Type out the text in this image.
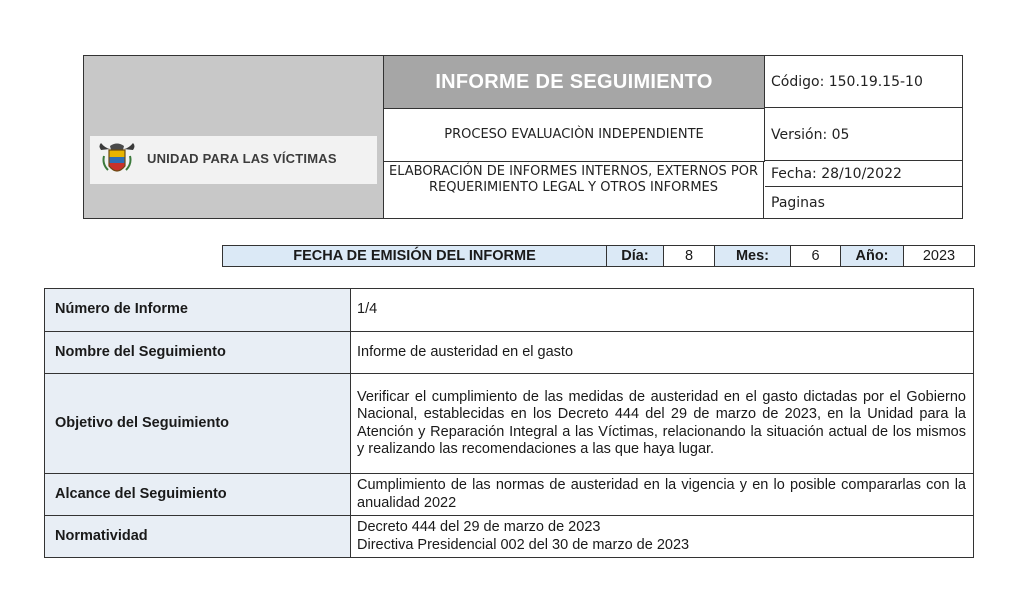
UNIDAD PARA LAS VÍCTIMAS
INFORME DE SEGUIMIENTO
PROCESO EVALUACIÒN INDEPENDIENTE
ELABORACIÓN DE INFORMES INTERNOS, EXTERNOS POR REQUERIMIENTO LEGAL Y OTROS INFORMES
Código: 150.19.15-10
Versión: 05
Fecha: 28/10/2022
Paginas
FECHA DE EMISIÓN DEL INFORME	Día:	8	Mes:	6	Año:	2023
Número de Informe	1/4
Nombre del Seguimiento	Informe de austeridad en el gasto
Objetivo del Seguimiento	Verificar el cumplimiento de las medidas de austeridad en el gasto dictadas por el Gobierno Nacional, establecidas en los Decreto 444 del 29 de marzo de 2023, en la Unidad para la Atención y Reparación Integral a las Víctimas, relacionando la situación actual de los mismos y realizando las recomendaciones a las que haya lugar.
Alcance del Seguimiento	Cumplimiento de las normas de austeridad en la vigencia y en lo posible compararlas con la anualidad 2022
Normatividad	Decreto 444 del 29 de marzo de 2023
Directiva Presidencial 002 del 30 de marzo de 2023
